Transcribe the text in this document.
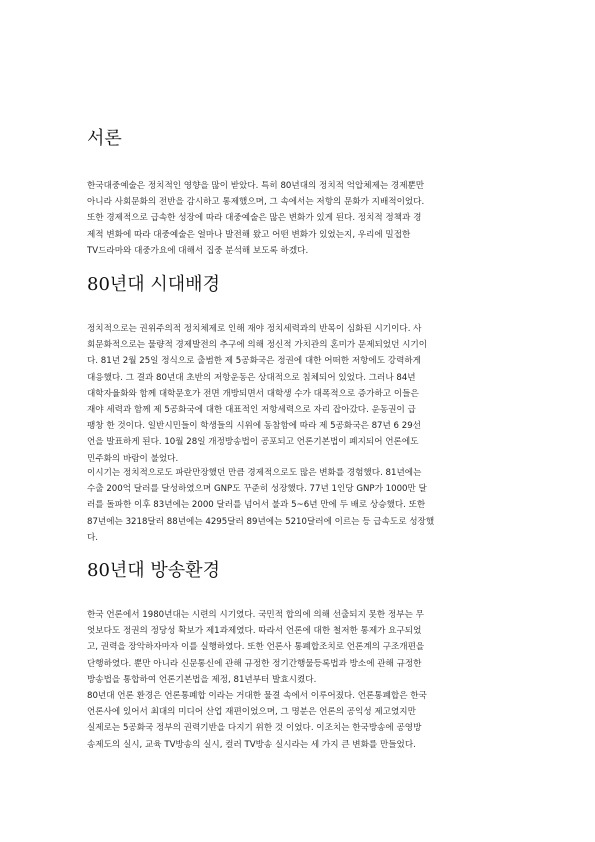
서론
한국대중예술은 정치적인 영향을 많이 받았다. 특히 80년대의 정치적 억압체제는 경제뿐만
아니라 사회문화의 전반을 감시하고 통제했으며, 그 속에서는 저항의 문화가 지배적이었다.
또한 경제적으로 급속한 성장에 따라 대중예술은 많은 변화가 있게 된다. 정치적 정책과 경
제적 변화에 따라 대중예술은 얼마나 발전해 왔고 어떤 변화가 있었는지, 우리에 밀접한
TV드라마와 대중가요에 대해서 집중 분석해 보도록 하겠다.
80년대 시대배경
정치적으로는 권위주의적 정치체제로 인해 재야 정치세력과의 반목이 심화된 시기이다. 사
회문화적으로는 물량적 경제발전의 추구에 의해 정신적 가치관의 혼미가 문제되었던 시기이
다. 81년 2월 25일 정식으로 출범한 제 5공화국은 정권에 대한 어떠한 저항에도 강력하게
대응했다. 그 결과 80년대 초반의 저항운동은 상대적으로 침체되어 있었다. 그러나 84년
대학자율화와 함께 대학문호가 전면 개방되면서 대학생 수가 대폭적으로 증가하고 이들은
재야 세력과 함께 제 5공화국에 대한 대표적인 저항세력으로 자리 잡아갔다. 운동권이 급
팽창 한 것이다. 일반시민들이 학생들의 시위에 동참함에 따라 제 5공화국은 87년 6 29선
언을 발표하게 된다. 10월 28일 개정방송법이 공포되고 언론기본법이 폐지되어 언론에도
민주화의 바람이 불었다.
이시기는 정치적으로도 파란만장했던 만큼 경제적으로도 많은 변화를 경험했다. 81년에는
수출 200억 달러를 달성하였으며 GNP도 꾸준히 성장했다. 77년 1인당 GNP가 1000만 달
러를 돌파한 이후 83년에는 2000 달러를 넘어서 불과 5~6년 만에 두 배로 상승했다. 또한
87년에는 3218달러 88년에는 4295달러 89년에는 5210달러에 이르는 등 급속도로 성장했
다.
80년대 방송환경
한국 언론에서 1980년대는 시련의 시기였다. 국민적 합의에 의해 선출되지 못한 정부는 무
엇보다도 정권의 정당성 확보가 제1과제였다. 따라서 언론에 대한 철저한 통제가 요구되었
고, 권력을 장악하자마자 이를 실행하였다. 또한 언론사 통폐합조치로 언론계의 구조개편을
단행하였다. 뿐만 아니라 신문통신에 관해 규정한 정기간행물등록법과 방소에 관해 규정한
방송법을 통합하여 언론기본법을 제정, 81년부터 발효시켰다.
80년대 언론 환경은 언론통폐합 이라는 거대한 물결 속에서 이루어졌다. 언론통폐합은 한국
언론사에 있어서 최대의 미디어 산업 재편이었으며, 그 명분은 언론의 공익성 제고였지만
실제로는 5공화국 정부의 권력기반을 다지기 위한 것 이었다. 이조치는 한국방송에 공영방
송제도의 실시, 교육 TV방송의 실시, 컬러 TV방송 실시라는 세 가지 큰 변화를 만들었다.
